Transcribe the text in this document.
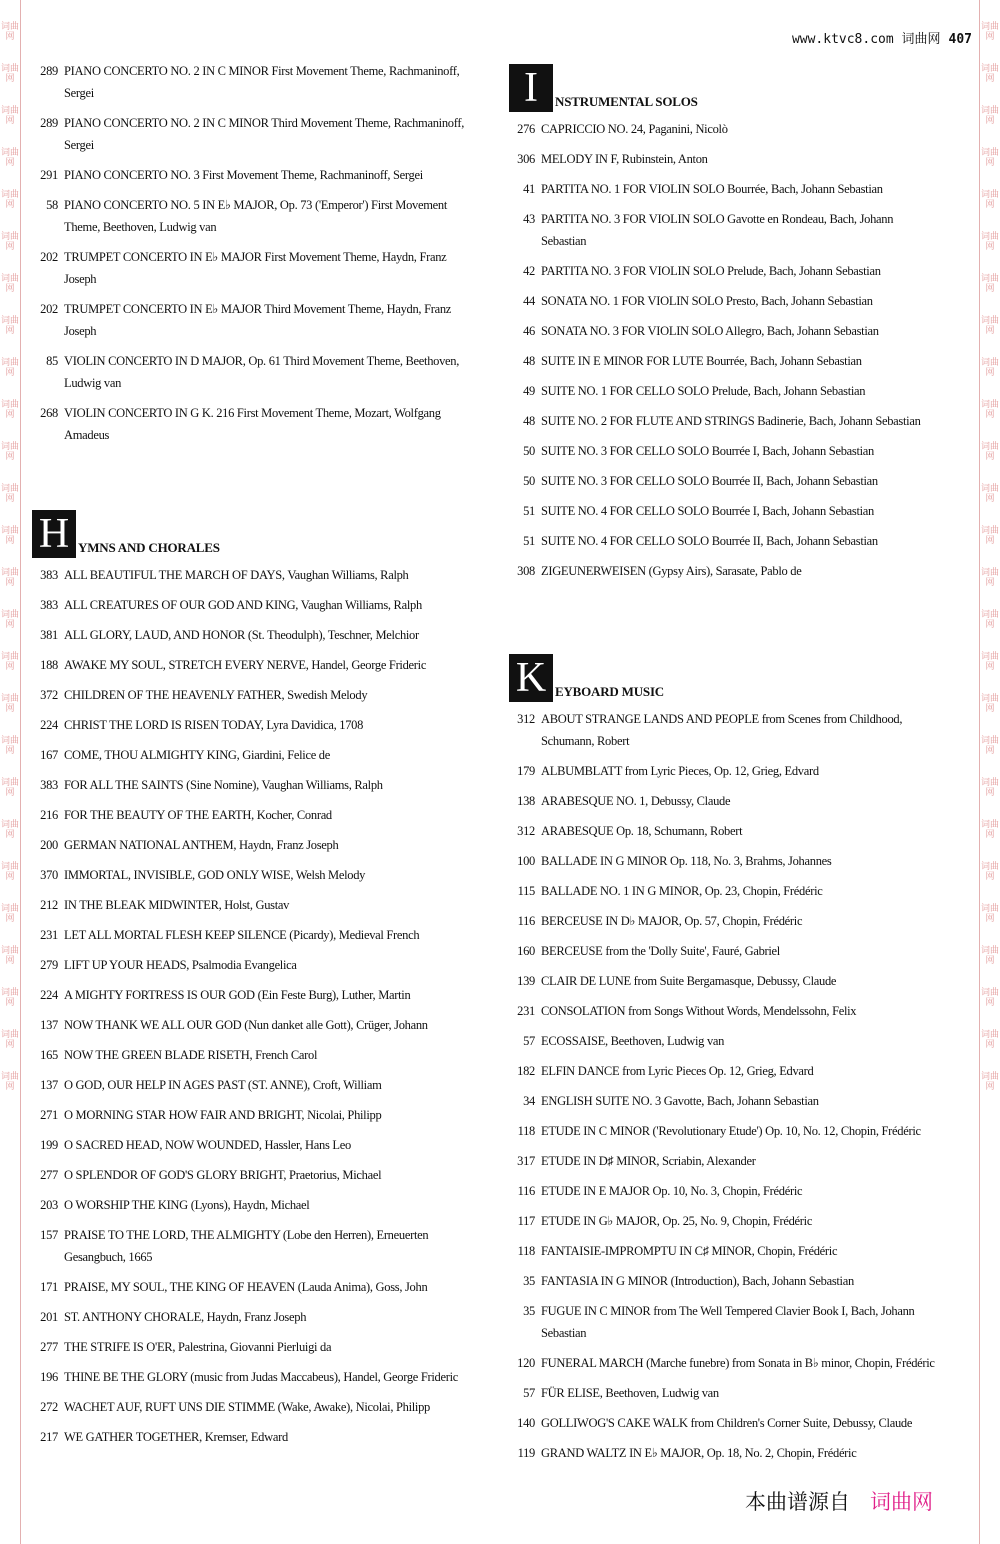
词曲网
词曲网
词曲网
词曲网
词曲网
词曲网
词曲网
词曲网
词曲网
词曲网
词曲网
词曲网
词曲网
词曲网
词曲网
词曲网
词曲网
词曲网
词曲网
词曲网
词曲网
词曲网
词曲网
词曲网
词曲网
词曲网
词曲网
词曲网
词曲网
词曲网
词曲网
词曲网
词曲网
词曲网
词曲网
词曲网
词曲网
词曲网
词曲网
词曲网
词曲网
词曲网
词曲网
词曲网
词曲网
词曲网
词曲网
词曲网
词曲网
词曲网
词曲网
词曲网
www.ktvc8.com 词曲网 407
289 PIANO CONCERTO NO. 2 IN C MINOR First Movement Theme, Rachmaninoff, Sergei
289 PIANO CONCERTO NO. 2 IN C MINOR Third Movement Theme, Rachmaninoff, Sergei
291 PIANO CONCERTO NO. 3 First Movement Theme, Rachmaninoff, Sergei
58 PIANO CONCERTO NO. 5 IN E♭ MAJOR, Op. 73 ('Emperor') First Movement Theme, Beethoven, Ludwig van
202 TRUMPET CONCERTO IN E♭ MAJOR First Movement Theme, Haydn, Franz Joseph
202 TRUMPET CONCERTO IN E♭ MAJOR Third Movement Theme, Haydn, Franz Joseph
85 VIOLIN CONCERTO IN D MAJOR, Op. 61 Third Movement Theme, Beethoven, Ludwig van
268 VIOLIN CONCERTO IN G K. 216 First Movement Theme, Mozart, Wolfgang Amadeus
H YMNS AND CHORALES
383 ALL BEAUTIFUL THE MARCH OF DAYS, Vaughan Williams, Ralph
383 ALL CREATURES OF OUR GOD AND KING, Vaughan Williams, Ralph
381 ALL GLORY, LAUD, AND HONOR (St. Theodulph), Teschner, Melchior
188 AWAKE MY SOUL, STRETCH EVERY NERVE, Handel, George Frideric
372 CHILDREN OF THE HEAVENLY FATHER, Swedish Melody
224 CHRIST THE LORD IS RISEN TODAY, Lyra Davidica, 1708
167 COME, THOU ALMIGHTY KING, Giardini, Felice de
383 FOR ALL THE SAINTS (Sine Nomine), Vaughan Williams, Ralph
216 FOR THE BEAUTY OF THE EARTH, Kocher, Conrad
200 GERMAN NATIONAL ANTHEM, Haydn, Franz Joseph
370 IMMORTAL, INVISIBLE, GOD ONLY WISE, Welsh Melody
212 IN THE BLEAK MIDWINTER, Holst, Gustav
231 LET ALL MORTAL FLESH KEEP SILENCE (Picardy), Medieval French
279 LIFT UP YOUR HEADS, Psalmodia Evangelica
224 A MIGHTY FORTRESS IS OUR GOD (Ein Feste Burg), Luther, Martin
137 NOW THANK WE ALL OUR GOD (Nun danket alle Gott), Crüger, Johann
165 NOW THE GREEN BLADE RISETH, French Carol
137 O GOD, OUR HELP IN AGES PAST (ST. ANNE), Croft, William
271 O MORNING STAR HOW FAIR AND BRIGHT, Nicolai, Philipp
199 O SACRED HEAD, NOW WOUNDED, Hassler, Hans Leo
277 O SPLENDOR OF GOD'S GLORY BRIGHT, Praetorius, Michael
203 O WORSHIP THE KING (Lyons), Haydn, Michael
157 PRAISE TO THE LORD, THE ALMIGHTY (Lobe den Herren), Erneuerten Gesangbuch, 1665
171 PRAISE, MY SOUL, THE KING OF HEAVEN (Lauda Anima), Goss, John
201 ST. ANTHONY CHORALE, Haydn, Franz Joseph
277 THE STRIFE IS O'ER, Palestrina, Giovanni Pierluigi da
196 THINE BE THE GLORY (music from Judas Maccabeus), Handel, George Frideric
272 WACHET AUF, RUFT UNS DIE STIMME (Wake, Awake), Nicolai, Philipp
217 WE GATHER TOGETHER, Kremser, Edward
I	NSTRUMENTAL SOLOS
276 CAPRICCIO NO. 24, Paganini, Nicolò
306 MELODY IN F, Rubinstein, Anton
41 PARTITA NO. 1 FOR VIOLIN SOLO Bourrée, Bach, Johann Sebastian
43 PARTITA NO. 3 FOR VIOLIN SOLO Gavotte en Rondeau, Bach, Johann Sebastian
42 PARTITA NO. 3 FOR VIOLIN SOLO Prelude, Bach, Johann Sebastian
44 SONATA NO. 1 FOR VIOLIN SOLO Presto, Bach, Johann Sebastian
46 SONATA NO. 3 FOR VIOLIN SOLO Allegro, Bach, Johann Sebastian
48 SUITE IN E MINOR FOR LUTE Bourrée, Bach, Johann Sebastian
49 SUITE NO. 1 FOR CELLO SOLO Prelude, Bach, Johann Sebastian
48 SUITE NO. 2 FOR FLUTE AND STRINGS Badinerie, Bach, Johann Sebastian
50 SUITE NO. 3 FOR CELLO SOLO Bourrée I, Bach, Johann Sebastian
50 SUITE NO. 3 FOR CELLO SOLO Bourrée II, Bach, Johann Sebastian
51 SUITE NO. 4 FOR CELLO SOLO Bourrée I, Bach, Johann Sebastian
51 SUITE NO. 4 FOR CELLO SOLO Bourrée II, Bach, Johann Sebastian
308 ZIGEUNERWEISEN (Gypsy Airs), Sarasate, Pablo de
K EYBOARD MUSIC
312 ABOUT STRANGE LANDS AND PEOPLE from Scenes from Childhood, Schumann, Robert
179 ALBUMBLATT from Lyric Pieces, Op. 12, Grieg, Edvard
138 ARABESQUE NO. 1, Debussy, Claude
312 ARABESQUE Op. 18, Schumann, Robert
100 BALLADE IN G MINOR Op. 118, No. 3, Brahms, Johannes
115 BALLADE NO. 1 IN G MINOR, Op. 23, Chopin, Frédéric
116 BERCEUSE IN D♭ MAJOR, Op. 57, Chopin, Frédéric
160 BERCEUSE from the 'Dolly Suite', Fauré, Gabriel
139 CLAIR DE LUNE from Suite Bergamasque, Debussy, Claude
231 CONSOLATION from Songs Without Words, Mendelssohn, Felix
57 ECOSSAISE, Beethoven, Ludwig van
182 ELFIN DANCE from Lyric Pieces Op. 12, Grieg, Edvard
34 ENGLISH SUITE NO. 3 Gavotte, Bach, Johann Sebastian
118 ETUDE IN C MINOR ('Revolutionary Etude') Op. 10, No. 12, Chopin, Frédéric
317 ETUDE IN D♯ MINOR, Scriabin, Alexander
116 ETUDE IN E MAJOR Op. 10, No. 3, Chopin, Frédéric
117 ETUDE IN G♭ MAJOR, Op. 25, No. 9, Chopin, Frédéric
118 FANTAISIE-IMPROMPTU IN C♯ MINOR, Chopin, Frédéric
35 FANTASIA IN G MINOR (Introduction), Bach, Johann Sebastian
35 FUGUE IN C MINOR from The Well Tempered Clavier Book I, Bach, Johann Sebastian
120 FUNERAL MARCH (Marche funebre) from Sonata in B♭ minor, Chopin, Frédéric
57 FÜR ELISE, Beethoven, Ludwig van
140 GOLLIWOG'S CAKE WALK from Children's Corner Suite, Debussy, Claude
119 GRAND WALTZ IN E♭ MAJOR, Op. 18, No. 2, Chopin, Frédéric
本曲谱源自 词曲网
